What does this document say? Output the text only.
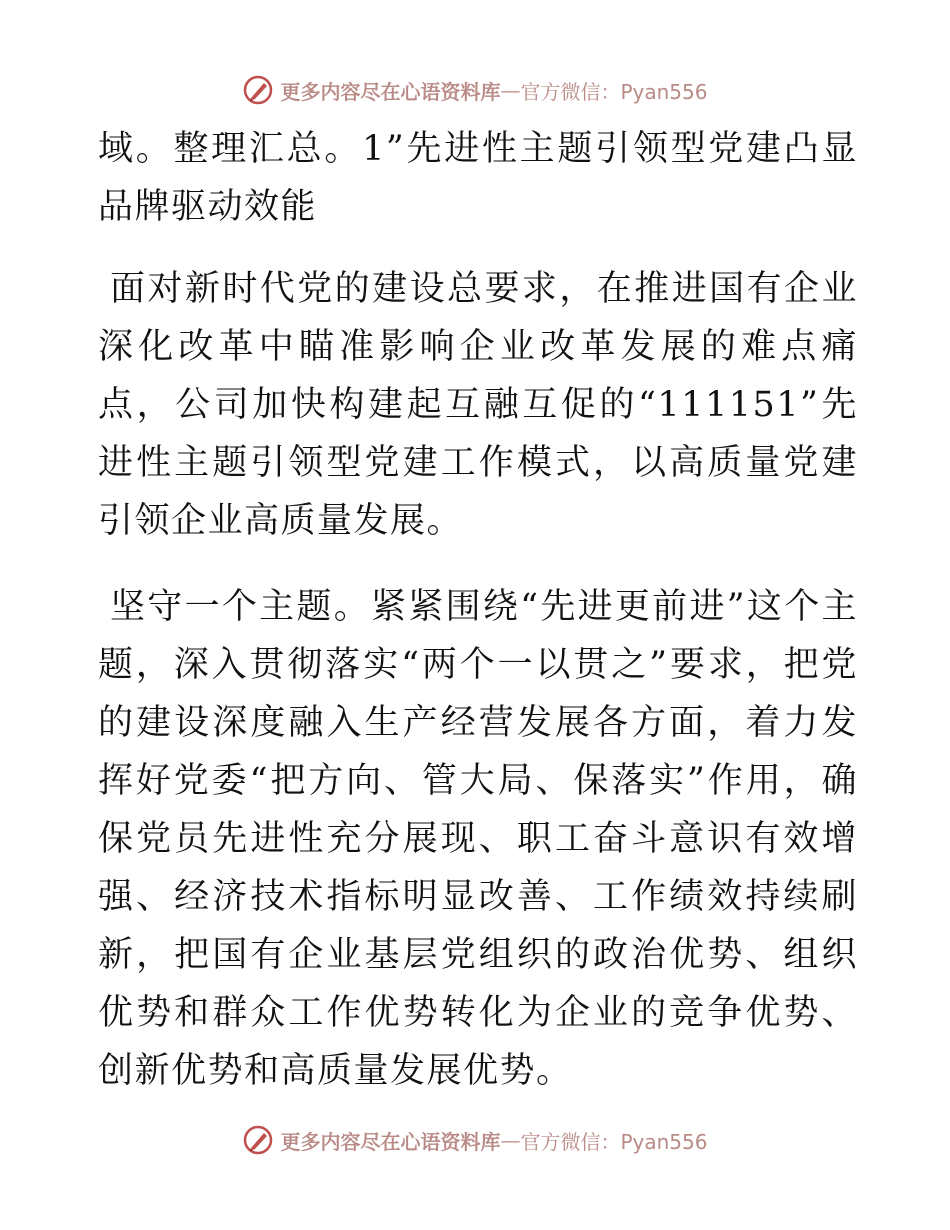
更多内容尽在心语资料库 — 官方微信：Pyan556

域。整理汇总。1”先进性主题引领型党建凸显品牌驱动效能

面对新时代党的建设总要求，在推进国有企业深化改革中瞄准影响企业改革发展的难点痛点，公司加快构建起互融互促的“111151”先进性主题引领型党建工作模式，以高质量党建引领企业高质量发展。

坚守一个主题。紧紧围绕“先进更前进”这个主题，深入贯彻落实“两个一以贯之”要求，把党的建设深度融入生产经营发展各方面，着力发挥好党委“把方向、管大局、保落实”作用，确保党员先进性充分展现、职工奋斗意识有效增强、经济技术指标明显改善、工作绩效持续刷新，把国有企业基层党组织的政治优势、组织优势和群众工作优势转化为企业的竞争优势、创新优势和高质量发展优势。

更多内容尽在心语资料库 — 官方微信：Pyan556
